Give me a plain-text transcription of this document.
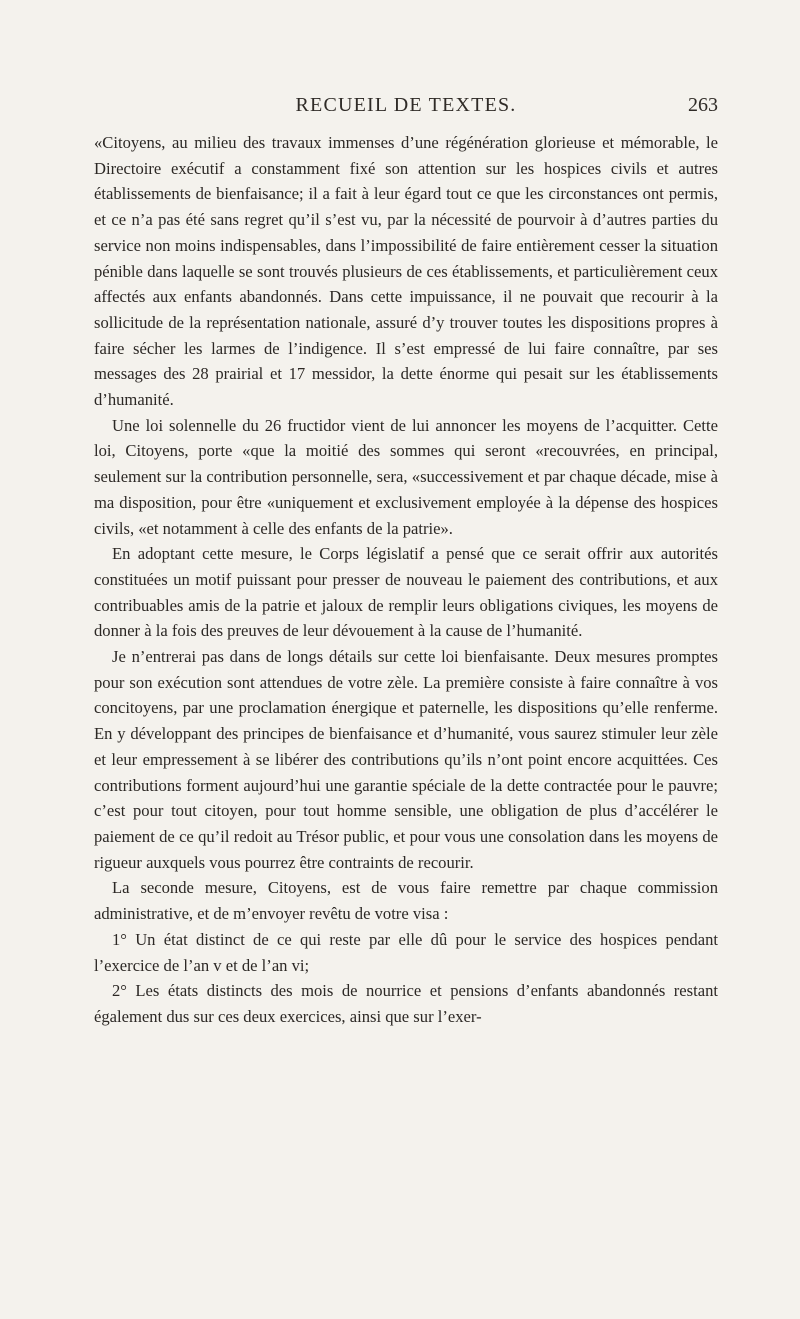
RECUEIL DE TEXTES.	263

«Citoyens, au milieu des travaux immenses d’une régénération glorieuse et mémorable, le Directoire exécutif a constamment fixé son attention sur les hospices civils et autres établissements de bienfaisance; il a fait à leur égard tout ce que les circonstances ont permis, et ce n’a pas été sans regret qu’il s’est vu, par la nécessité de pourvoir à d’autres parties du service non moins indispensables, dans l’impossibilité de faire entièrement cesser la situation pénible dans laquelle se sont trouvés plusieurs de ces établissements, et particulièrement ceux affectés aux enfants abandonnés. Dans cette impuissance, il ne pouvait que recourir à la sollicitude de la représentation nationale, assuré d’y trouver toutes les dispositions propres à faire sécher les larmes de l’indigence. Il s’est empressé de lui faire connaître, par ses messages des 28 prairial et 17 messidor, la dette énorme qui pesait sur les établissements d’humanité.

Une loi solennelle du 26 fructidor vient de lui annoncer les moyens de l’acquitter. Cette loi, Citoyens, porte «que la moitié des sommes qui seront «recouvrées, en principal, seulement sur la contribution personnelle, sera, «successivement et par chaque décade, mise à ma disposition, pour être «uniquement et exclusivement employée à la dépense des hospices civils, «et notamment à celle des enfants de la patrie».

En adoptant cette mesure, le Corps législatif a pensé que ce serait offrir aux autorités constituées un motif puissant pour presser de nouveau le paiement des contributions, et aux contribuables amis de la patrie et jaloux de remplir leurs obligations civiques, les moyens de donner à la fois des preuves de leur dévouement à la cause de l’humanité.

Je n’entrerai pas dans de longs détails sur cette loi bienfaisante. Deux mesures promptes pour son exécution sont attendues de votre zèle. La première consiste à faire connaître à vos concitoyens, par une proclamation énergique et paternelle, les dispositions qu’elle renferme. En y développant des principes de bienfaisance et d’humanité, vous saurez stimuler leur zèle et leur empressement à se libérer des contributions qu’ils n’ont point encore acquittées. Ces contributions forment aujourd’hui une garantie spéciale de la dette contractée pour le pauvre; c’est pour tout citoyen, pour tout homme sensible, une obligation de plus d’accélérer le paiement de ce qu’il redoit au Trésor public, et pour vous une consolation dans les moyens de rigueur auxquels vous pourrez être contraints de recourir.

La seconde mesure, Citoyens, est de vous faire remettre par chaque commission administrative, et de m’envoyer revêtu de votre visa :

1° Un état distinct de ce qui reste par elle dû pour le service des hospices pendant l’exercice de l’an v et de l’an vi;

2° Les états distincts des mois de nourrice et pensions d’enfants abandonnés restant également dus sur ces deux exercices, ainsi que sur l’exer-
